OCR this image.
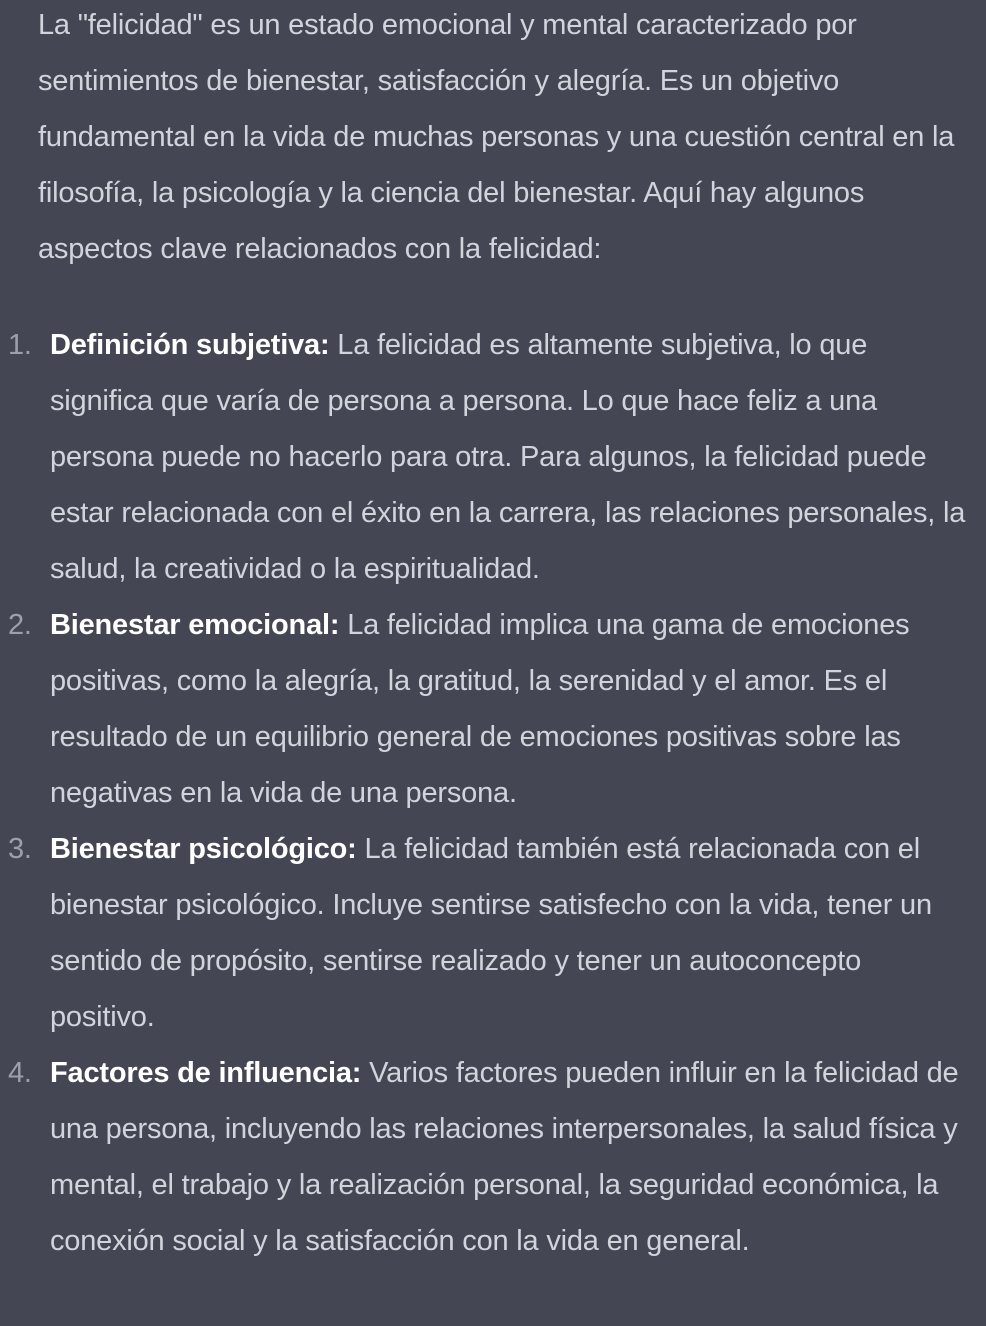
La "felicidad" es un estado emocional y mental caracterizado por sentimientos de bienestar, satisfacción y alegría. Es un objetivo fundamental en la vida de muchas personas y una cuestión central en la filosofía, la psicología y la ciencia del bienestar. Aquí hay algunos aspectos clave relacionados con la felicidad:

1. Definición subjetiva: La felicidad es altamente subjetiva, lo que significa que varía de persona a persona. Lo que hace feliz a una persona puede no hacerlo para otra. Para algunos, la felicidad puede estar relacionada con el éxito en la carrera, las relaciones personales, la salud, la creatividad o la espiritualidad.
2. Bienestar emocional: La felicidad implica una gama de emociones positivas, como la alegría, la gratitud, la serenidad y el amor. Es el resultado de un equilibrio general de emociones positivas sobre las negativas en la vida de una persona.
3. Bienestar psicológico: La felicidad también está relacionada con el bienestar psicológico. Incluye sentirse satisfecho con la vida, tener un sentido de propósito, sentirse realizado y tener un autoconcepto positivo.
4. Factores de influencia: Varios factores pueden influir en la felicidad de una persona, incluyendo las relaciones interpersonales, la salud física y mental, el trabajo y la realización personal, la seguridad económica, la conexión social y la satisfacción con la vida en general.
